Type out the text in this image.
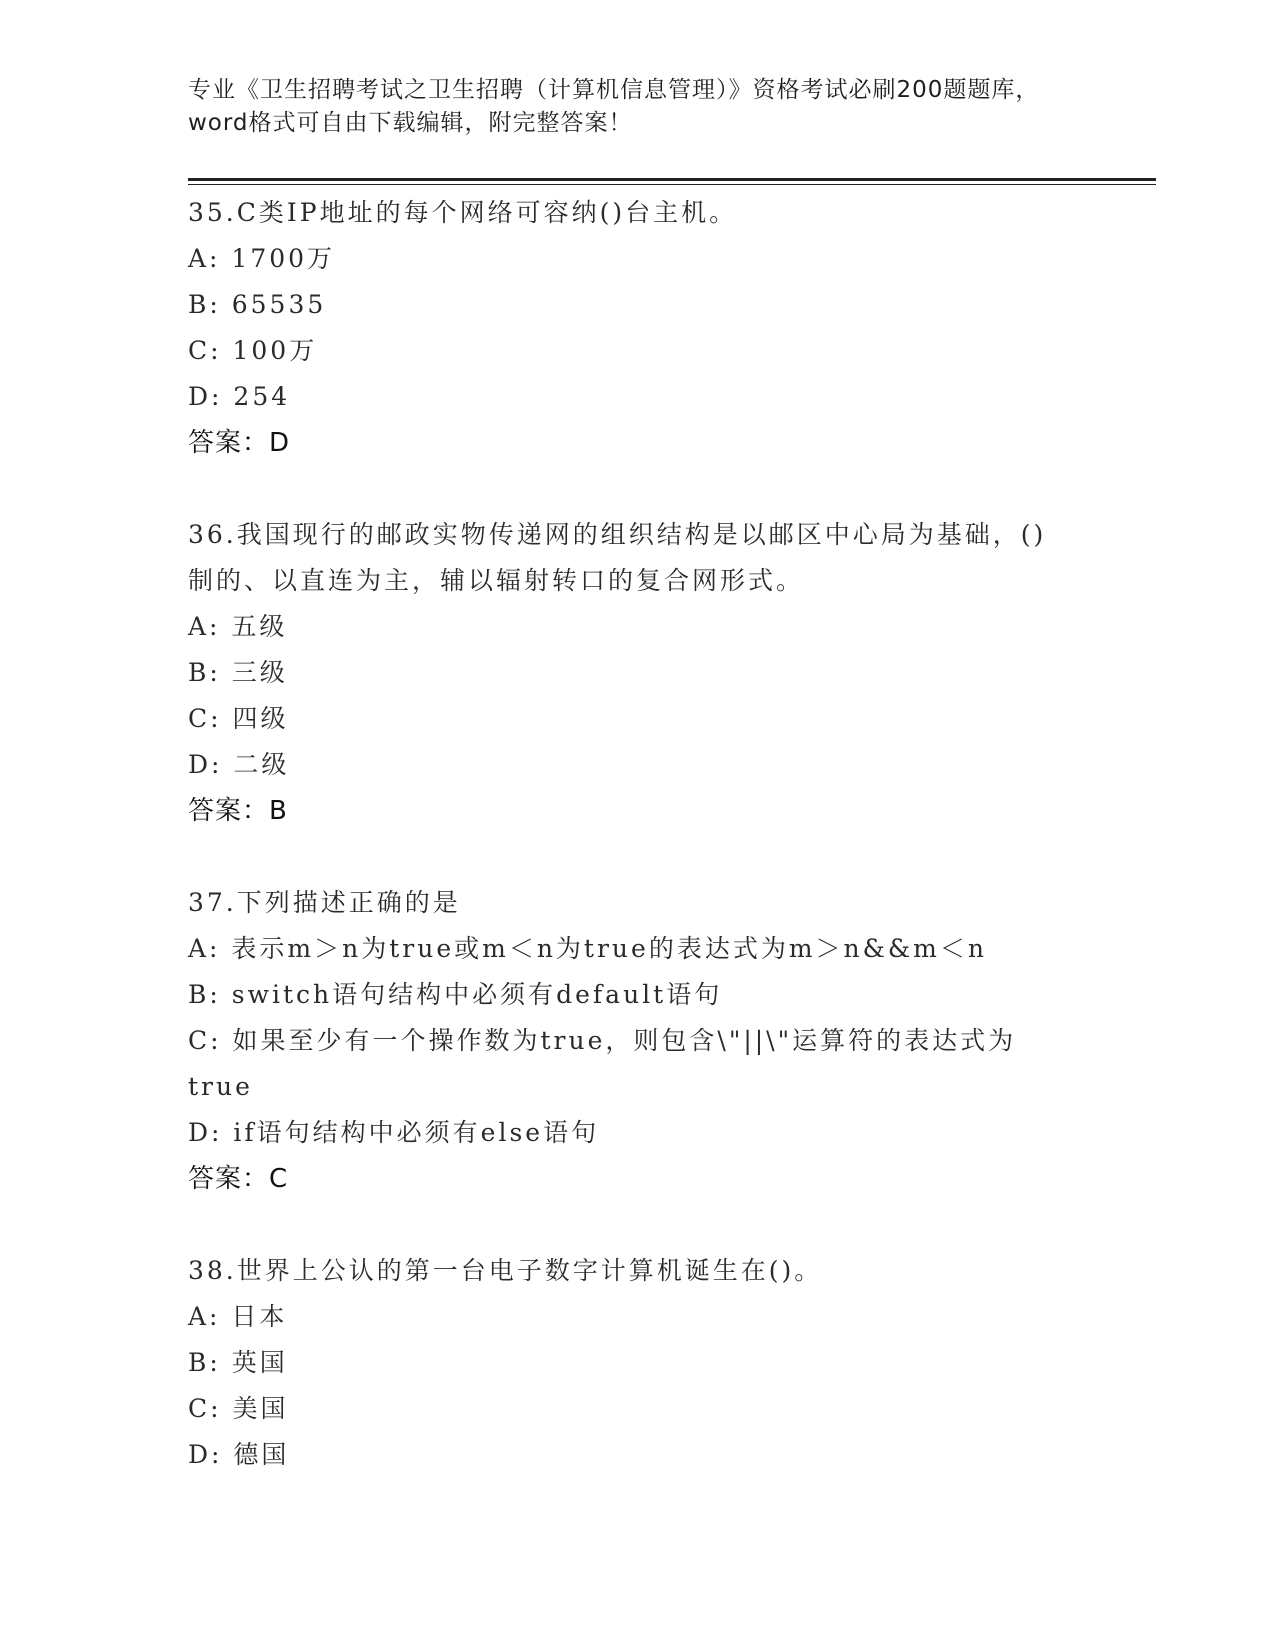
专业《卫生招聘考试之卫生招聘（计算机信息管理）》资格考试必刷200题题库，
word格式可自由下载编辑，附完整答案！
35.C类IP地址的每个网络可容纳()台主机。
A: 1700万
B: 65535
C: 100万
D: 254
答案：D
36.我国现行的邮政实物传递网的组织结构是以邮区中心局为基础，()
制的、以直连为主，辅以辐射转口的复合网形式。
A: 五级
B: 三级
C: 四级
D: 二级
答案：B
37.下列描述正确的是
A: 表示m＞n为true或m＜n为true的表达式为m＞n&&m＜n
B: switch语句结构中必须有default语句
C: 如果至少有一个操作数为true，则包含\"||\"运算符的表达式为
true
D: if语句结构中必须有else语句
答案：C
38.世界上公认的第一台电子数字计算机诞生在()。
A: 日本
B: 英国
C: 美国
D: 德国
